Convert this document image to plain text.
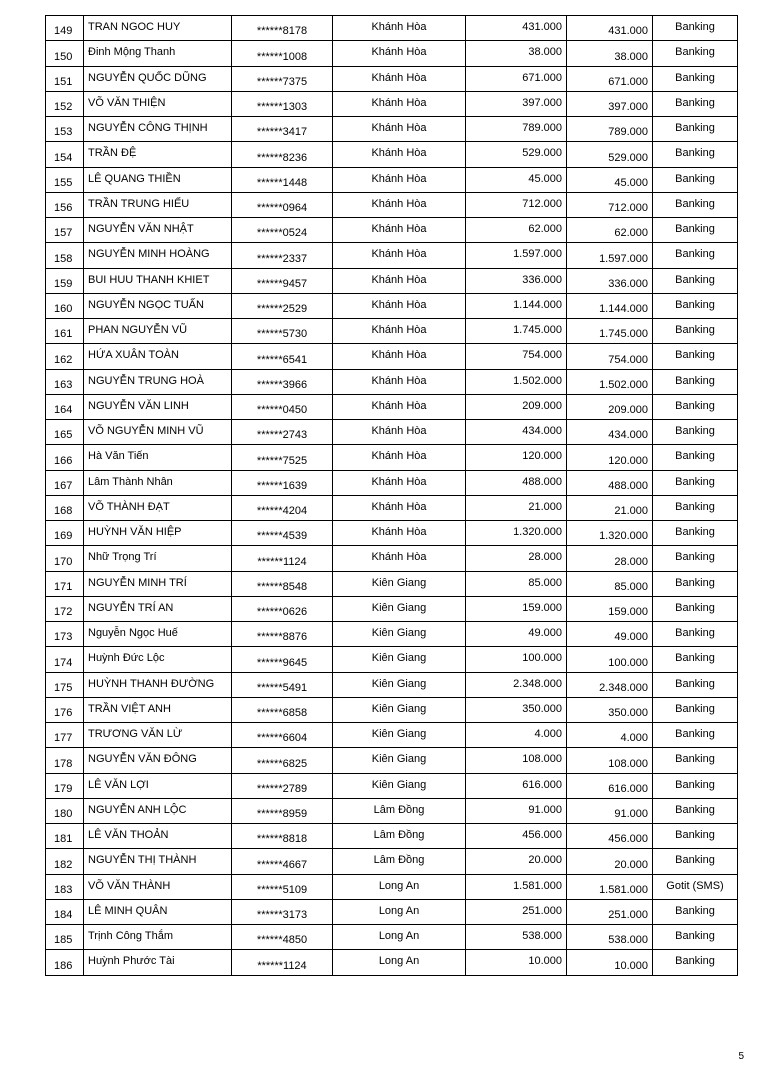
149	TRAN NGOC HUY	******8178	Khánh Hòa	431.000	431.000	Banking
150	Đinh Mộng Thanh	******1008	Khánh Hòa	38.000	38.000	Banking
151	NGUYỄN QUỐC DŨNG	******7375	Khánh Hòa	671.000	671.000	Banking
152	VÕ VĂN THIỆN	******1303	Khánh Hòa	397.000	397.000	Banking
153	NGUYỄN CÔNG THỊNH	******3417	Khánh Hòa	789.000	789.000	Banking
154	TRẦN ĐỆ	******8236	Khánh Hòa	529.000	529.000	Banking
155	LÊ QUANG THIỀN	******1448	Khánh Hòa	45.000	45.000	Banking
156	TRẦN TRUNG HIẾU	******0964	Khánh Hòa	712.000	712.000	Banking
157	NGUYỄN VĂN NHẬT	******0524	Khánh Hòa	62.000	62.000	Banking
158	NGUYỄN MINH HOÀNG	******2337	Khánh Hòa	1.597.000	1.597.000	Banking
159	BUI HUU THANH KHIET	******9457	Khánh Hòa	336.000	336.000	Banking
160	NGUYỄN NGỌC TUẤN	******2529	Khánh Hòa	1.144.000	1.144.000	Banking
161	PHAN NGUYỄN VŨ	******5730	Khánh Hòa	1.745.000	1.745.000	Banking
162	HỨA XUÂN TOÀN	******6541	Khánh Hòa	754.000	754.000	Banking
163	NGUYỄN TRUNG HOÀ	******3966	Khánh Hòa	1.502.000	1.502.000	Banking
164	NGUYỄN VĂN LINH	******0450	Khánh Hòa	209.000	209.000	Banking
165	VÕ NGUYỄN MINH VŨ	******2743	Khánh Hòa	434.000	434.000	Banking
166	Hà Văn Tiến	******7525	Khánh Hòa	120.000	120.000	Banking
167	Lâm Thành Nhân	******1639	Khánh Hòa	488.000	488.000	Banking
168	VÕ THÀNH ĐẠT	******4204	Khánh Hòa	21.000	21.000	Banking
169	HUỲNH VĂN HIỆP	******4539	Khánh Hòa	1.320.000	1.320.000	Banking
170	Nhữ Trọng Trí	******1124	Khánh Hòa	28.000	28.000	Banking
171	NGUYỄN MINH TRÍ	******8548	Kiên Giang	85.000	85.000	Banking
172	NGUYỄN TRÍ AN	******0626	Kiên Giang	159.000	159.000	Banking
173	Nguyễn Ngọc Huế	******8876	Kiên Giang	49.000	49.000	Banking
174	Huỳnh Đức Lộc	******9645	Kiên Giang	100.000	100.000	Banking
175	HUỲNH THANH ĐƯỜNG	******5491	Kiên Giang	2.348.000	2.348.000	Banking
176	TRẦN VIỆT ANH	******6858	Kiên Giang	350.000	350.000	Banking
177	TRƯƠNG VĂN LỪ	******6604	Kiên Giang	4.000	4.000	Banking
178	NGUYỄN VĂN ĐÔNG	******6825	Kiên Giang	108.000	108.000	Banking
179	LÊ VĂN LỢI	******2789	Kiên Giang	616.000	616.000	Banking
180	NGUYỄN ANH LỘC	******8959	Lâm Đồng	91.000	91.000	Banking
181	LÊ VĂN THOẢN	******8818	Lâm Đồng	456.000	456.000	Banking
182	NGUYỄN THỊ THÀNH	******4667	Lâm Đồng	20.000	20.000	Banking
183	VÕ VĂN THÀNH	******5109	Long An	1.581.000	1.581.000	Gotit (SMS)
184	LÊ MINH QUÂN	******3173	Long An	251.000	251.000	Banking
185	Trịnh Công Thắm	******4850	Long An	538.000	538.000	Banking
186	Huỳnh Phước Tài	******1124	Long An	10.000	10.000	Banking
5
